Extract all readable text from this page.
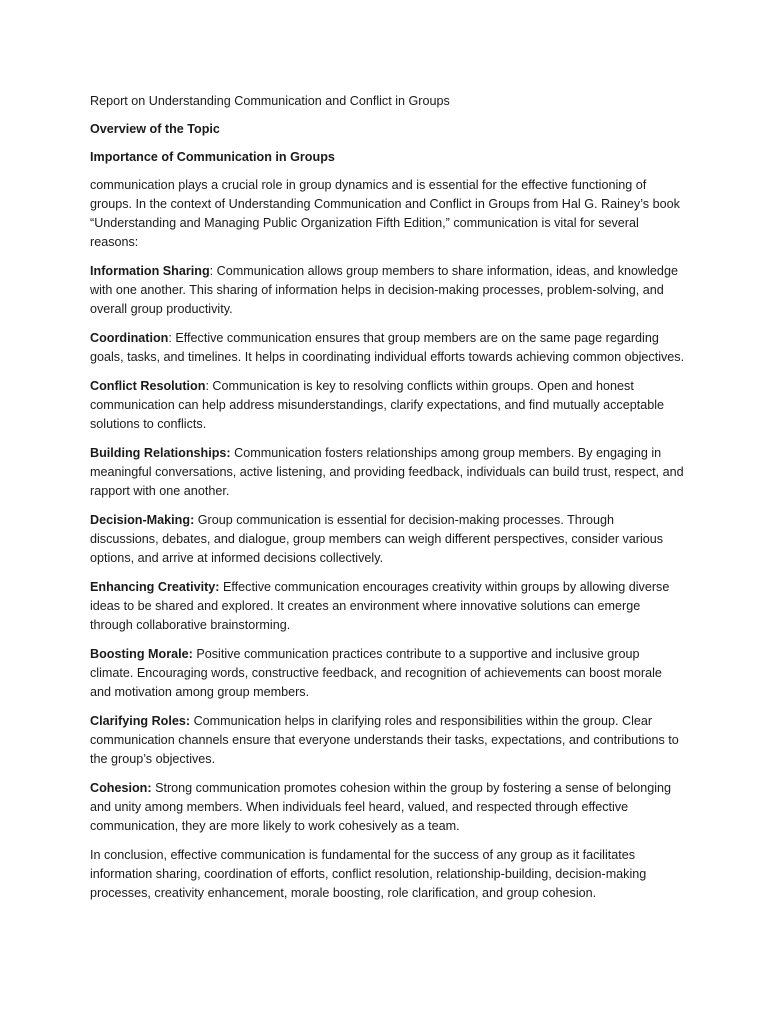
Report on Understanding Communication and Conflict in Groups
Overview of the Topic
Importance of Communication in Groups

communication plays a crucial role in group dynamics and is essential for the effective functioning of groups. In the context of Understanding Communication and Conflict in Groups from Hal G. Rainey’s book “Understanding and Managing Public Organization Fifth Edition,” communication is vital for several reasons:

Information Sharing: Communication allows group members to share information, ideas, and knowledge with one another. This sharing of information helps in decision-making processes, problem-solving, and overall group productivity.

Coordination: Effective communication ensures that group members are on the same page regarding goals, tasks, and timelines. It helps in coordinating individual efforts towards achieving common objectives.

Conflict Resolution: Communication is key to resolving conflicts within groups. Open and honest communication can help address misunderstandings, clarify expectations, and find mutually acceptable solutions to conflicts.

Building Relationships: Communication fosters relationships among group members. By engaging in meaningful conversations, active listening, and providing feedback, individuals can build trust, respect, and rapport with one another.

Decision-Making: Group communication is essential for decision-making processes. Through discussions, debates, and dialogue, group members can weigh different perspectives, consider various options, and arrive at informed decisions collectively.

Enhancing Creativity: Effective communication encourages creativity within groups by allowing diverse ideas to be shared and explored. It creates an environment where innovative solutions can emerge through collaborative brainstorming.

Boosting Morale: Positive communication practices contribute to a supportive and inclusive group climate. Encouraging words, constructive feedback, and recognition of achievements can boost morale and motivation among group members.

Clarifying Roles: Communication helps in clarifying roles and responsibilities within the group. Clear communication channels ensure that everyone understands their tasks, expectations, and contributions to the group’s objectives.

Cohesion: Strong communication promotes cohesion within the group by fostering a sense of belonging and unity among members. When individuals feel heard, valued, and respected through effective communication, they are more likely to work cohesively as a team.

In conclusion, effective communication is fundamental for the success of any group as it facilitates information sharing, coordination of efforts, conflict resolution, relationship-building, decision-making processes, creativity enhancement, morale boosting, role clarification, and group cohesion.
